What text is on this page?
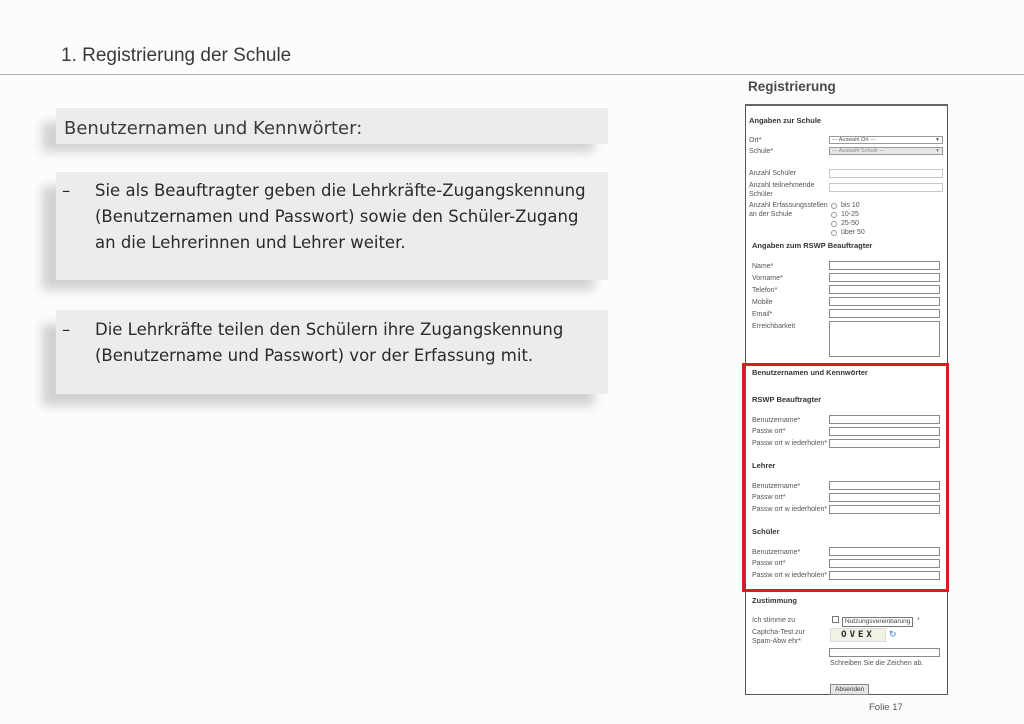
1. Registrierung der Schule
Benutzernamen und Kennwörter:
– Sie als Beauftragter geben die Lehrkräfte-Zugangskennung (Benutzernamen und Passwort) sowie den Schüler-Zugang an die Lehrerinnen und Lehrer weiter.
– Die Lehrkräfte teilen den Schülern ihre Zugangskennung (Benutzername und Passwort) vor der Erfassung mit.
Registrierung
Angaben zur Schule
Ort*	--- Auswahl Ort ---	▼
Schule*	--- Auswahl Schule ---	▼
Anzahl Schüler
Anzahl teilnehmende
Schüler
Anzahl Erfassungsstellen
an der Schule
bis 10
10-25
25-50
über 50
Angaben zum RSWP Beauftragter
Name*
Vorname*
Telefon*
Mobile
Email*
Erreichbarkeit
Benutzernamen und Kennwörter
RSWP Beauftragter
Benutzername*
Passw ort*
Passw ort w iederholen*
Lehrer
Benutzername*
Passw ort*
Passw ort w iederholen*
Schüler
Benutzername*
Passw ort*
Passw ort w iederholen*
Zustimmung
Ich stimme zu	Nutzungsvereinbarung *
Captcha-Test zur
Spam-Abw ehr*
OVEX	↻
Schreiben Sie die Zeichen ab.
Absenden
Folie 17
